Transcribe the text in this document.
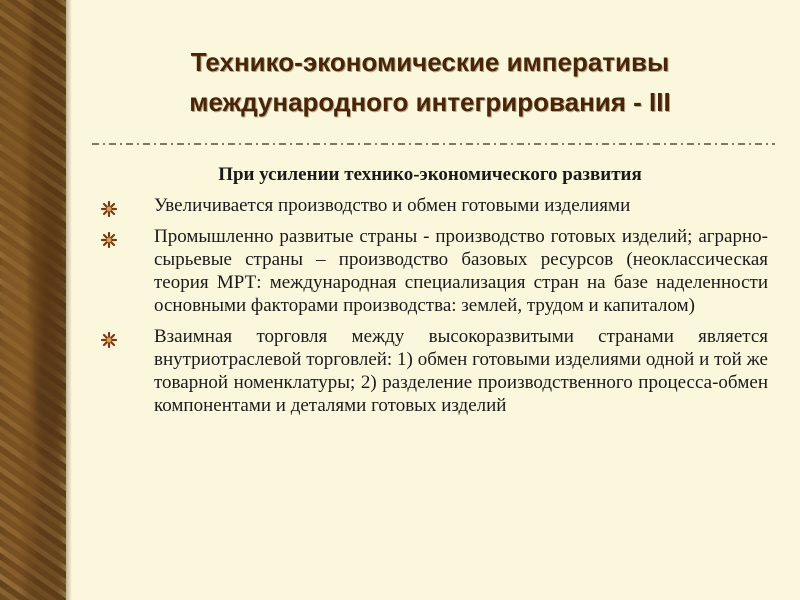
Технико-экономические императивы
международного интегрирования - III

При усилении технико-экономического развития

Увеличивается производство и обмен готовыми изделиями
Промышленно развитые страны - производство готовых изделий; аграрно-сырьевые страны – производство базовых ресурсов (неоклассическая теория МРТ: международная специализация стран на базе наделенности основными факторами производства: землей, трудом и капиталом)
Взаимная торговля между высокоразвитыми странами является внутриотраслевой торговлей: 1) обмен готовыми изделиями одной и той же товарной номенклатуры; 2) разделение производственного процесса-обмен компонентами и деталями готовых изделий
